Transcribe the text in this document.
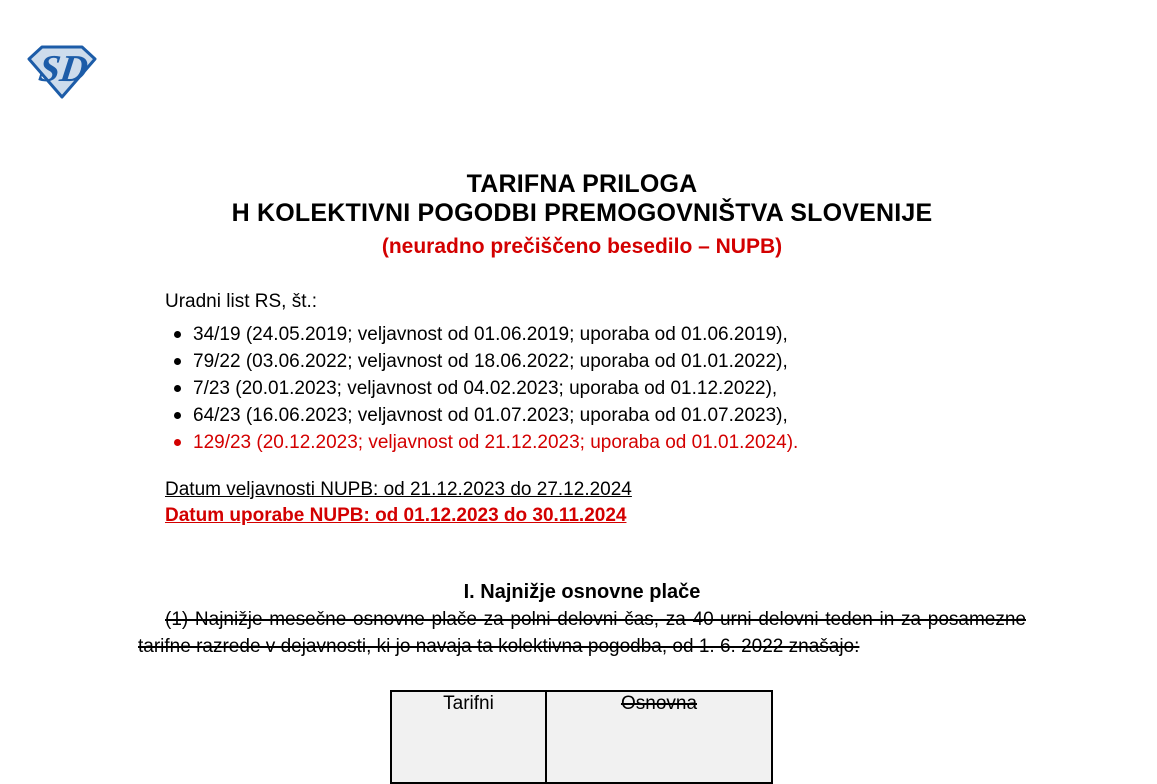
SD
TARIFNA PRILOGA
H KOLEKTIVNI POGODBI PREMOGOVNIŠTVA SLOVENIJE

(neuradno prečiščeno besedilo – NUPB)

Uradni list RS, št.:

34/19 (24.05.2019; veljavnost od 01.06.2019; uporaba od 01.06.2019),
79/22 (03.06.2022; veljavnost od 18.06.2022; uporaba od 01.01.2022),
7/23 (20.01.2023; veljavnost od 04.02.2023; uporaba od 01.12.2022),
64/23 (16.06.2023; veljavnost od 01.07.2023; uporaba od 01.07.2023),
129/23 (20.12.2023; veljavnost od 21.12.2023; uporaba od 01.01.2024).

Datum veljavnosti NUPB: od 21.12.2023 do 27.12.2024

Datum uporabe NUPB: od 01.12.2023 do 30.11.2024

I. Najnižje osnovne plače

(1) Najnižje mesečne osnovne plače za polni delovni čas, za 40-urni delovni teden in za posamezne tarifne razrede v dejavnosti, ki jo navaja ta kolektivna pogodba, od 1. 6. 2022 znašajo:

Tarifni	Osnovna
